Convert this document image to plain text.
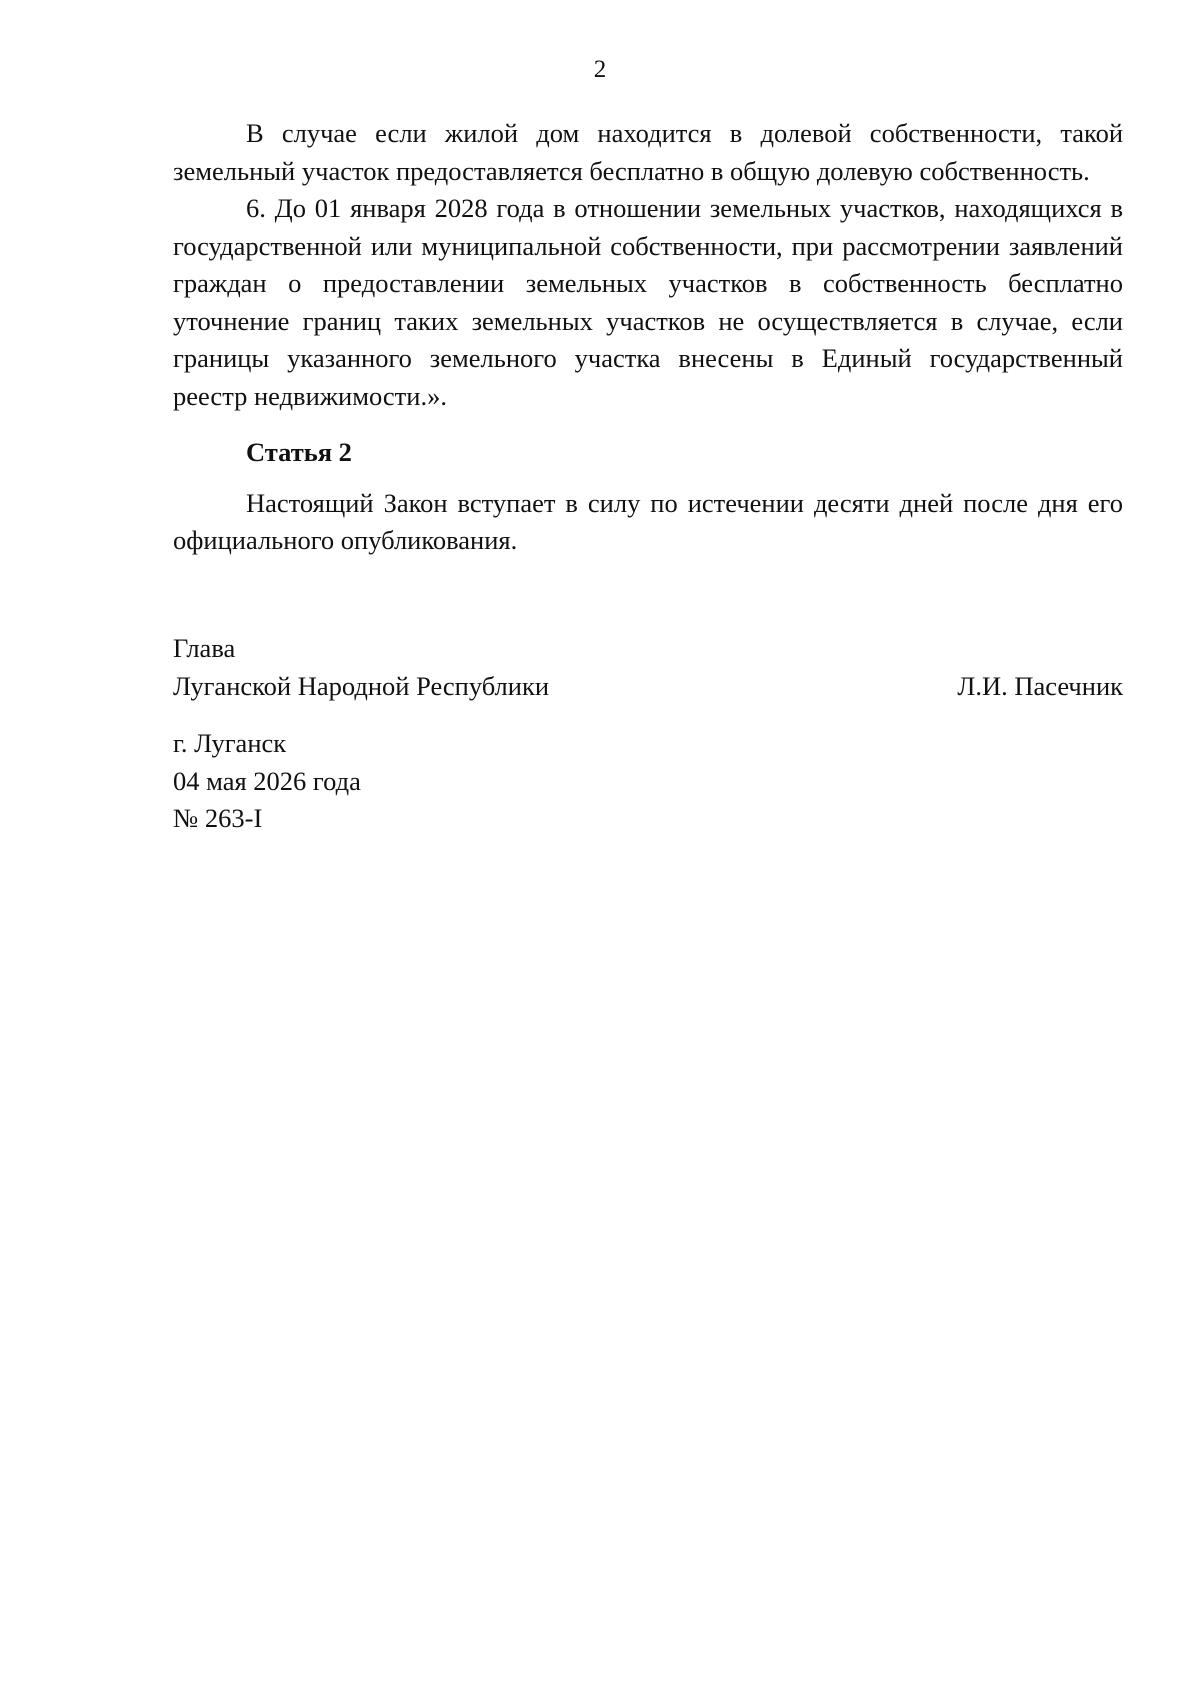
2

В случае если жилой дом находится в долевой собственности, такой земельный участок предоставляется бесплатно в общую долевую собственность.

6. До 01 января 2028 года в отношении земельных участков, находящихся в государственной или муниципальной собственности, при рассмотрении заявлений граждан о предоставлении земельных участков в собственность бесплатно уточнение границ таких земельных участков не осуществляется в случае, если границы указанного земельного участка внесены в Единый государственный реестр недвижимости.».

Статья 2

Настоящий Закон вступает в силу по истечении десяти дней после дня его официального опубликования.

Глава
Луганской Народной Республики	Л.И. Пасечник
г. Луганск
04 мая 2026 года
№ 263-I
